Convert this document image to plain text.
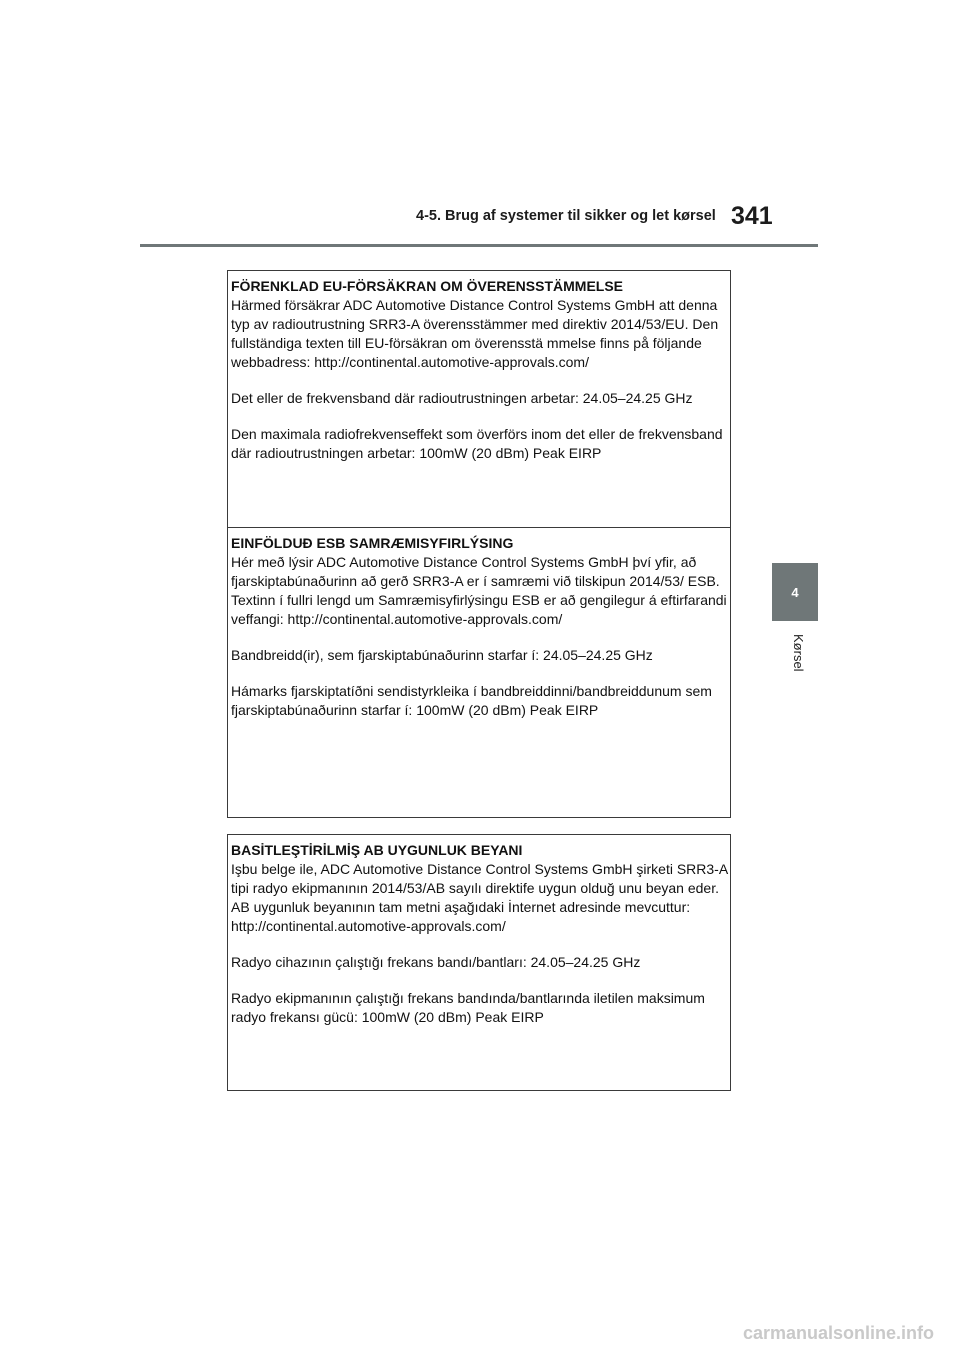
4-5. Brug af systemer til sikker og let kørsel 341
4
Kørsel

FÖRENKLAD EU-FÖRSÄKRAN OM ÖVERENSSTÄMMELSE

Härmed försäkrar ADC Automotive Distance Control Systems GmbH att denna typ av radioutrustning SRR3-A överensstämmer med direktiv 2014/53/EU. Den fullständiga texten till EU-försäkran om överensstä mmelse finns på följande webbadress: http://continental.automotive-approvals.com/

Det eller de frekvensband där radioutrustningen arbetar: 24.05–24.25 GHz

Den maximala radiofrekvenseffekt som överförs inom det eller de frekvensband där radioutrustningen arbetar: 100mW (20 dBm) Peak EIRP

EINFÖLDUÐ ESB SAMRÆMISYFIRLÝSING

Hér með lýsir ADC Automotive Distance Control Systems GmbH því yfir, að fjarskiptabúnaðurinn að gerð SRR3-A er í samræmi við tilskipun 2014/53/ ESB. Textinn í fullri lengd um Samræmisyfirlýsingu ESB er að gengilegur á eftirfarandi veffangi: http://continental.automotive-approvals.com/

Bandbreidd(ir), sem fjarskiptabúnaðurinn starfar í: 24.05–24.25 GHz

Hámarks fjarskiptatíðni sendistyrkleika í bandbreiddinni/bandbreiddunum sem fjarskiptabúnaðurinn starfar í: 100mW (20 dBm) Peak EIRP

BASİTLEŞTİRİLMİŞ AB UYGUNLUK BEYANI

Işbu belge ile, ADC Automotive Distance Control Systems GmbH şirketi SRR3-A tipi radyo ekipmanının 2014/53/AB sayılı direktife uygun olduğ unu beyan eder. AB uygunluk beyanının tam metni aşağıdaki İnternet adresinde mevcuttur: http://continental.automotive-approvals.com/

Radyo cihazının çalıştığı frekans bandı/bantları: 24.05–24.25 GHz

Radyo ekipmanının çalıştığı frekans bandında/bantlarında iletilen maksimum radyo frekansı gücü: 100mW (20 dBm) Peak EIRP

carmanualsonline.info
